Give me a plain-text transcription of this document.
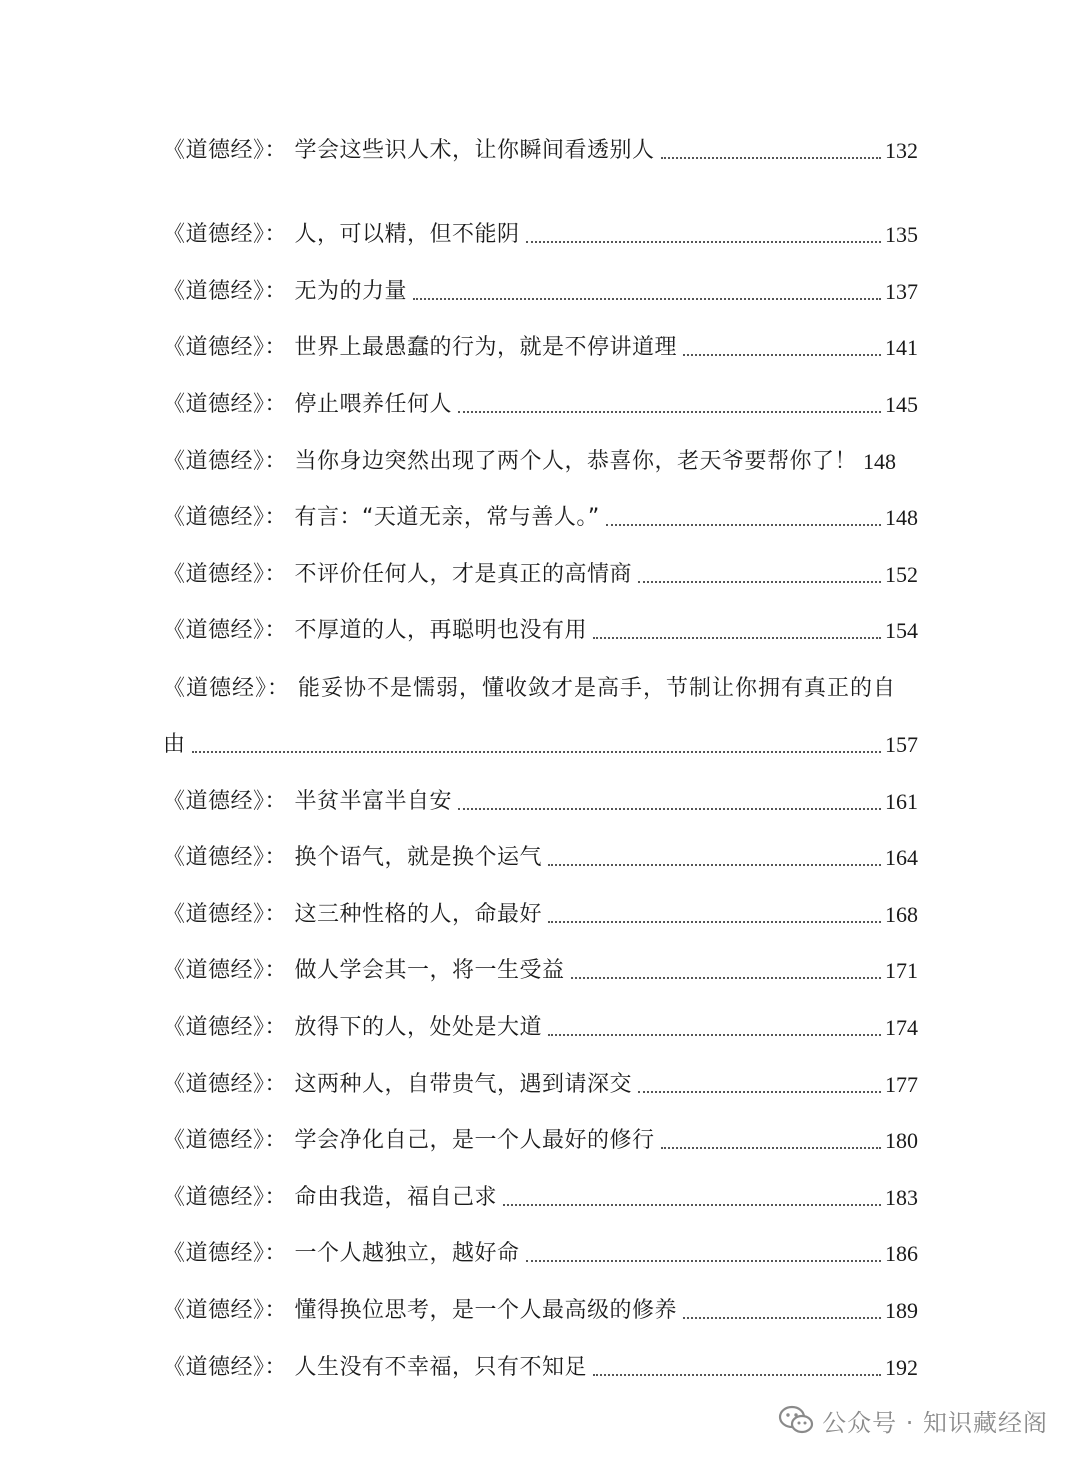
《道德经》： 学会这些识人术，让你瞬间看透别人	132
《道德经》： 人，可以精，但不能阴	135
《道德经》： 无为的力量	137
《道德经》： 世界上最愚蠢的行为，就是不停讲道理	141
《道德经》： 停止喂养任何人	145
《道德经》： 当你身边突然出现了两个人，恭喜你，老天爷要帮你了！ 148
《道德经》： 有言：“天道无亲，常与善人。”	148
《道德经》： 不评价任何人，才是真正的高情商	152
《道德经》： 不厚道的人，再聪明也没有用	154
《道德经》： 能妥协不是懦弱，懂收敛才是高手，节制让你拥有真正的自
由	157
《道德经》： 半贫半富半自安	161
《道德经》： 换个语气，就是换个运气	164
《道德经》： 这三种性格的人，命最好	168
《道德经》： 做人学会其一，将一生受益	171
《道德经》： 放得下的人，处处是大道	174
《道德经》： 这两种人，自带贵气，遇到请深交	177
《道德经》： 学会净化自己，是一个人最好的修行	180
《道德经》： 命由我造，福自己求	183
《道德经》： 一个人越独立，越好命	186
《道德经》： 懂得换位思考，是一个人最高级的修养	189
《道德经》： 人生没有不幸福，只有不知足	192
公众号 · 知识藏经阁
